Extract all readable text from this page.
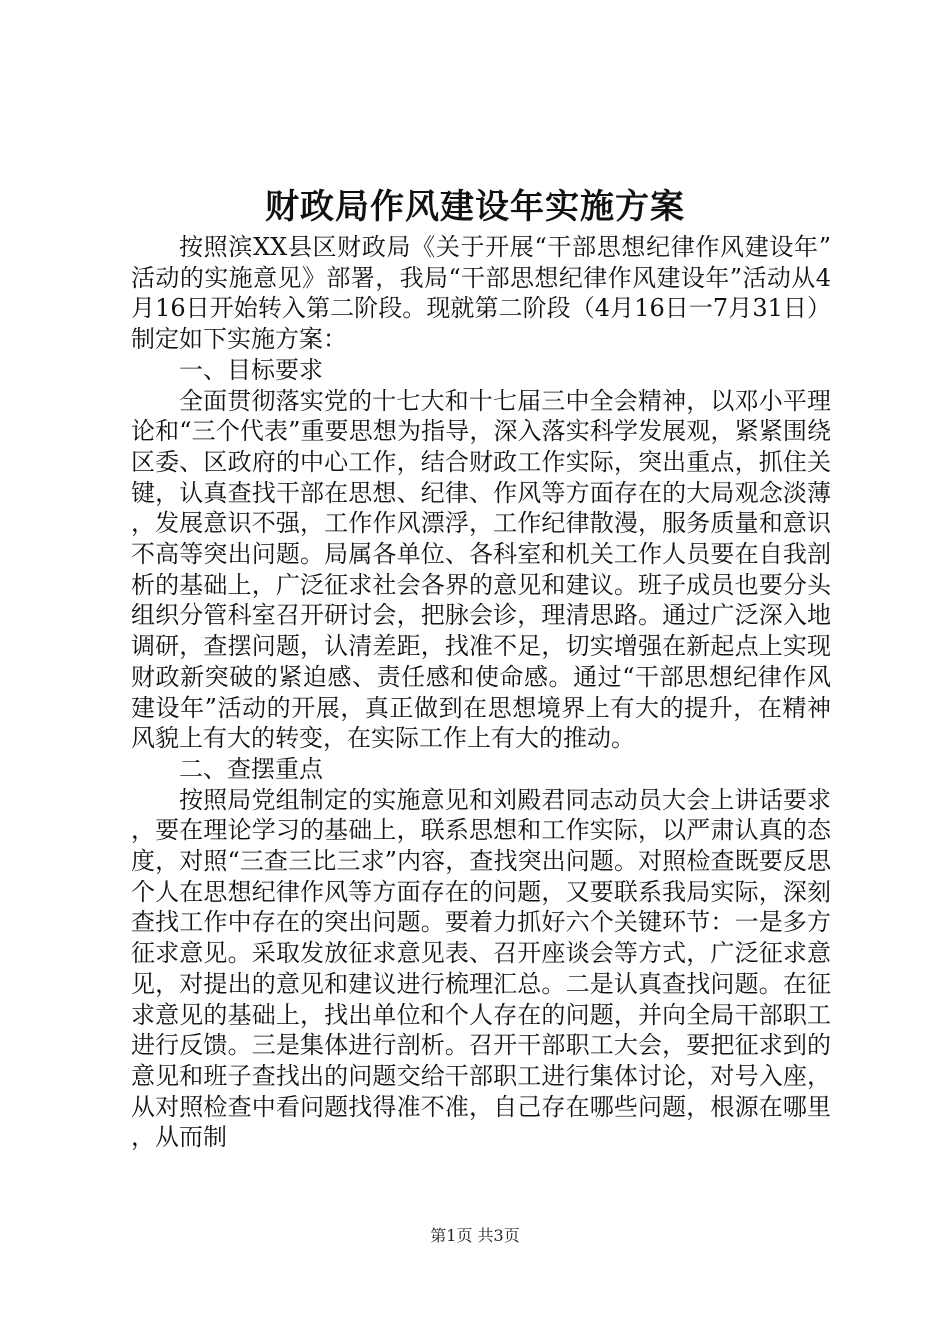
财政局作风建设年实施方案

按照滨XX县区财政局《关于开展“干部思想纪律作风建设年”活动的实施意见》部署，我局“干部思想纪律作风建设年”活动从4月16日开始转入第二阶段。现就第二阶段（4月16日一7月31日）制定如下实施方案：

一、目标要求

全面贯彻落实党的十七大和十七届三中全会精神，以邓小平理论和“三个代表”重要思想为指导，深入落实科学发展观，紧紧围绕区委、区政府的中心工作，结合财政工作实际，突出重点，抓住关键，认真查找干部在思想、纪律、作风等方面存在的大局观念淡薄，发展意识不强，工作作风漂浮，工作纪律散漫，服务质量和意识不高等突出问题。局属各单位、各科室和机关工作人员要在自我剖析的基础上，广泛征求社会各界的意见和建议。班子成员也要分头组织分管科室召开研讨会，把脉会诊，理清思路。通过广泛深入地调研，查摆问题，认清差距，找准不足，切实增强在新起点上实现财政新突破的紧迫感、责任感和使命感。通过“干部思想纪律作风建设年”活动的开展，真正做到在思想境界上有大的提升，在精神风貌上有大的转变，在实际工作上有大的推动。

二、查摆重点

按照局党组制定的实施意见和刘殿君同志动员大会上讲话要求，要在理论学习的基础上，联系思想和工作实际，以严肃认真的态度，对照“三查三比三求”内容，查找突出问题。对照检查既要反思个人在思想纪律作风等方面存在的问题，又要联系我局实际，深刻查找工作中存在的突出问题。要着力抓好六个关键环节：一是多方征求意见。采取发放征求意见表、召开座谈会等方式，广泛征求意见，对提出的意见和建议进行梳理汇总。二是认真查找问题。在征求意见的基础上，找出单位和个人存在的问题，并向全局干部职工进行反馈。三是集体进行剖析。召开干部职工大会，要把征求到的意见和班子查找出的问题交给干部职工进行集体讨论，对号入座，从对照检查中看问题找得准不准，自己存在哪些问题，根源在哪里，从而制

第1页 共3页
